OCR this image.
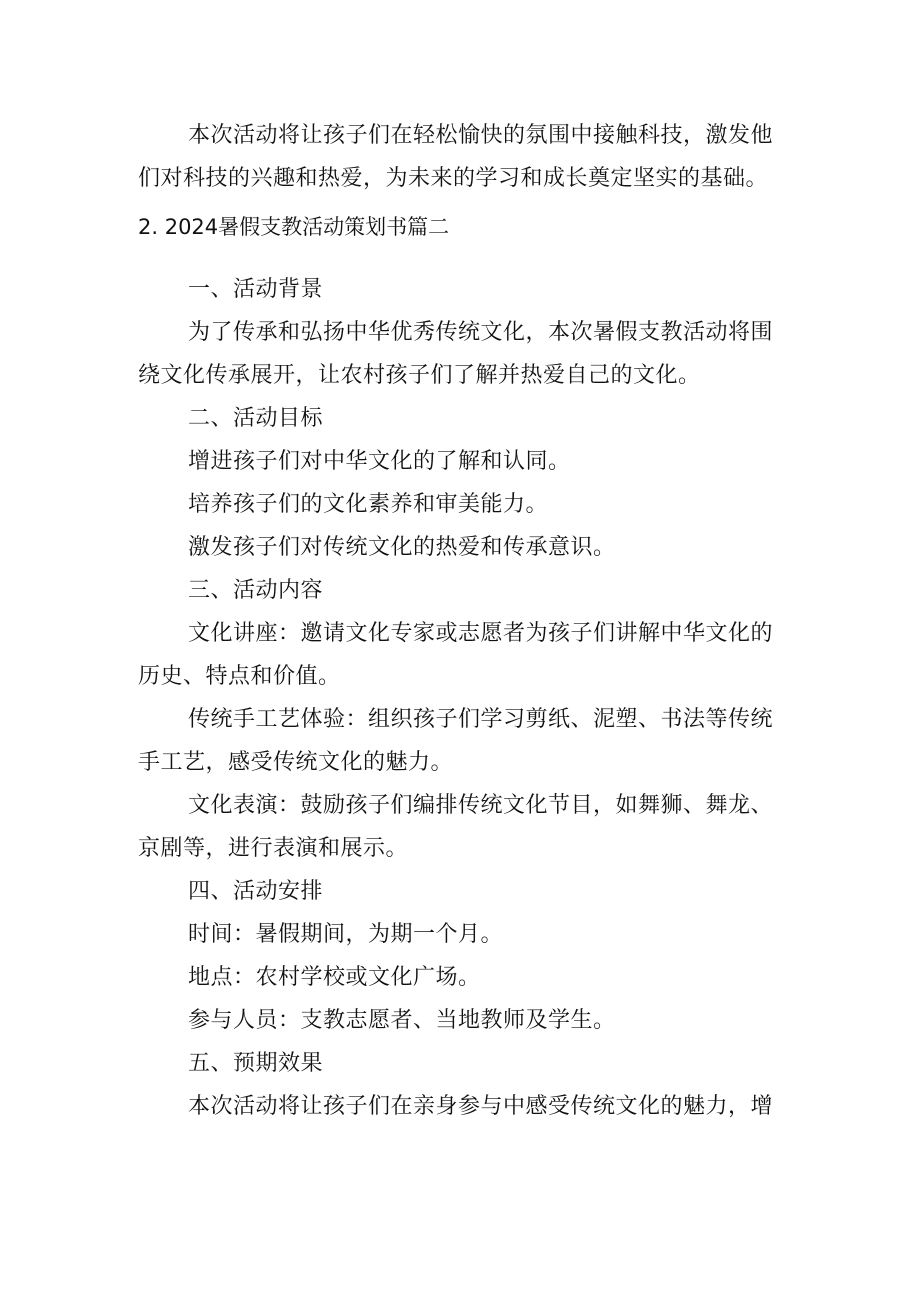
本次活动将让孩子们在轻松愉快的氛围中接触科技，激发他
们对科技的兴趣和热爱，为未来的学习和成长奠定坚实的基础。
2. 2024暑假支教活动策划书篇二
一、活动背景
为了传承和弘扬中华优秀传统文化，本次暑假支教活动将围
绕文化传承展开，让农村孩子们了解并热爱自己的文化。
二、活动目标
增进孩子们对中华文化的了解和认同。
培养孩子们的文化素养和审美能力。
激发孩子们对传统文化的热爱和传承意识。
三、活动内容
文化讲座：邀请文化专家或志愿者为孩子们讲解中华文化的
历史、特点和价值。
传统手工艺体验：组织孩子们学习剪纸、泥塑、书法等传统
手工艺，感受传统文化的魅力。
文化表演：鼓励孩子们编排传统文化节目，如舞狮、舞龙、
京剧等，进行表演和展示。
四、活动安排
时间：暑假期间，为期一个月。
地点：农村学校或文化广场。
参与人员：支教志愿者、当地教师及学生。
五、预期效果
本次活动将让孩子们在亲身参与中感受传统文化的魅力，增
